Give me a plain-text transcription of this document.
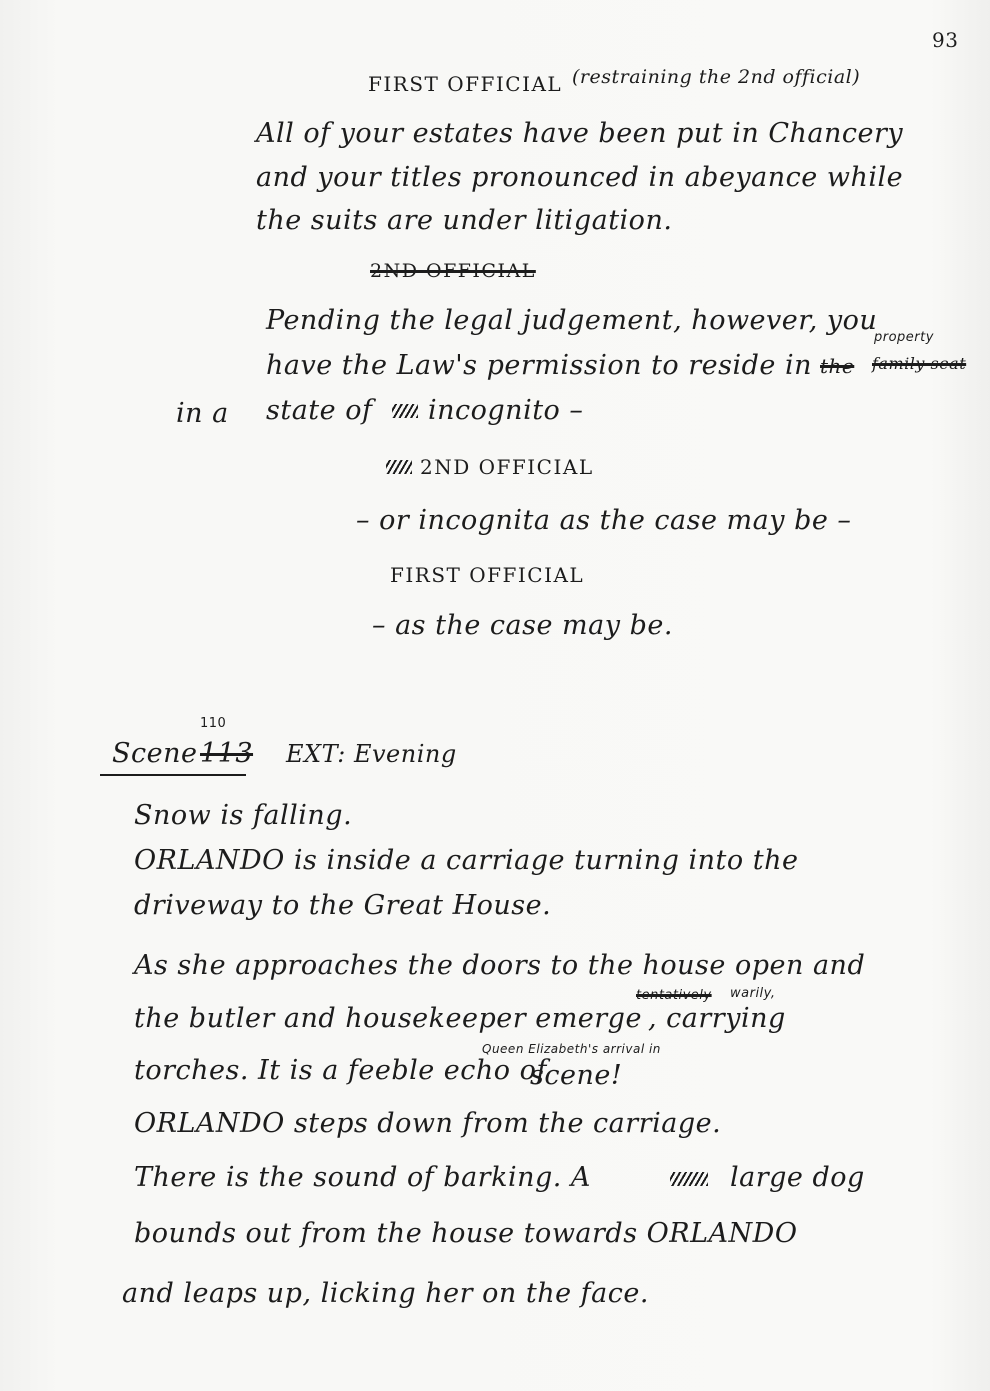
93
FIRST OFFICIAL (restraining the 2nd official)
All of your estates have been put in Chancery
and your titles pronounced in abeyance while
the suits are under litigation.
2ND OFFICIAL
Pending the legal judgement, however, you
have the Law's permission to reside in the family seat
property
in a state of incognito –
2ND OFFICIAL
– or incognita as the case may be –
FIRST OFFICIAL
– as the case may be.
110
Scene 113 EXT: Evening
Snow is falling.
ORLANDO is inside a carriage turning into the
driveway to the Great House.
As she approaches the doors to the house open and
tentatively warily,
the butler and housekeeper emerge , carrying
Queen Elizabeth's arrival in
torches. It is a feeble echo of
scene!
ORLANDO steps down from the carriage.
There is the sound of barking. A	large dog
bounds out from the house towards ORLANDO
and leaps up, licking her on the face.
